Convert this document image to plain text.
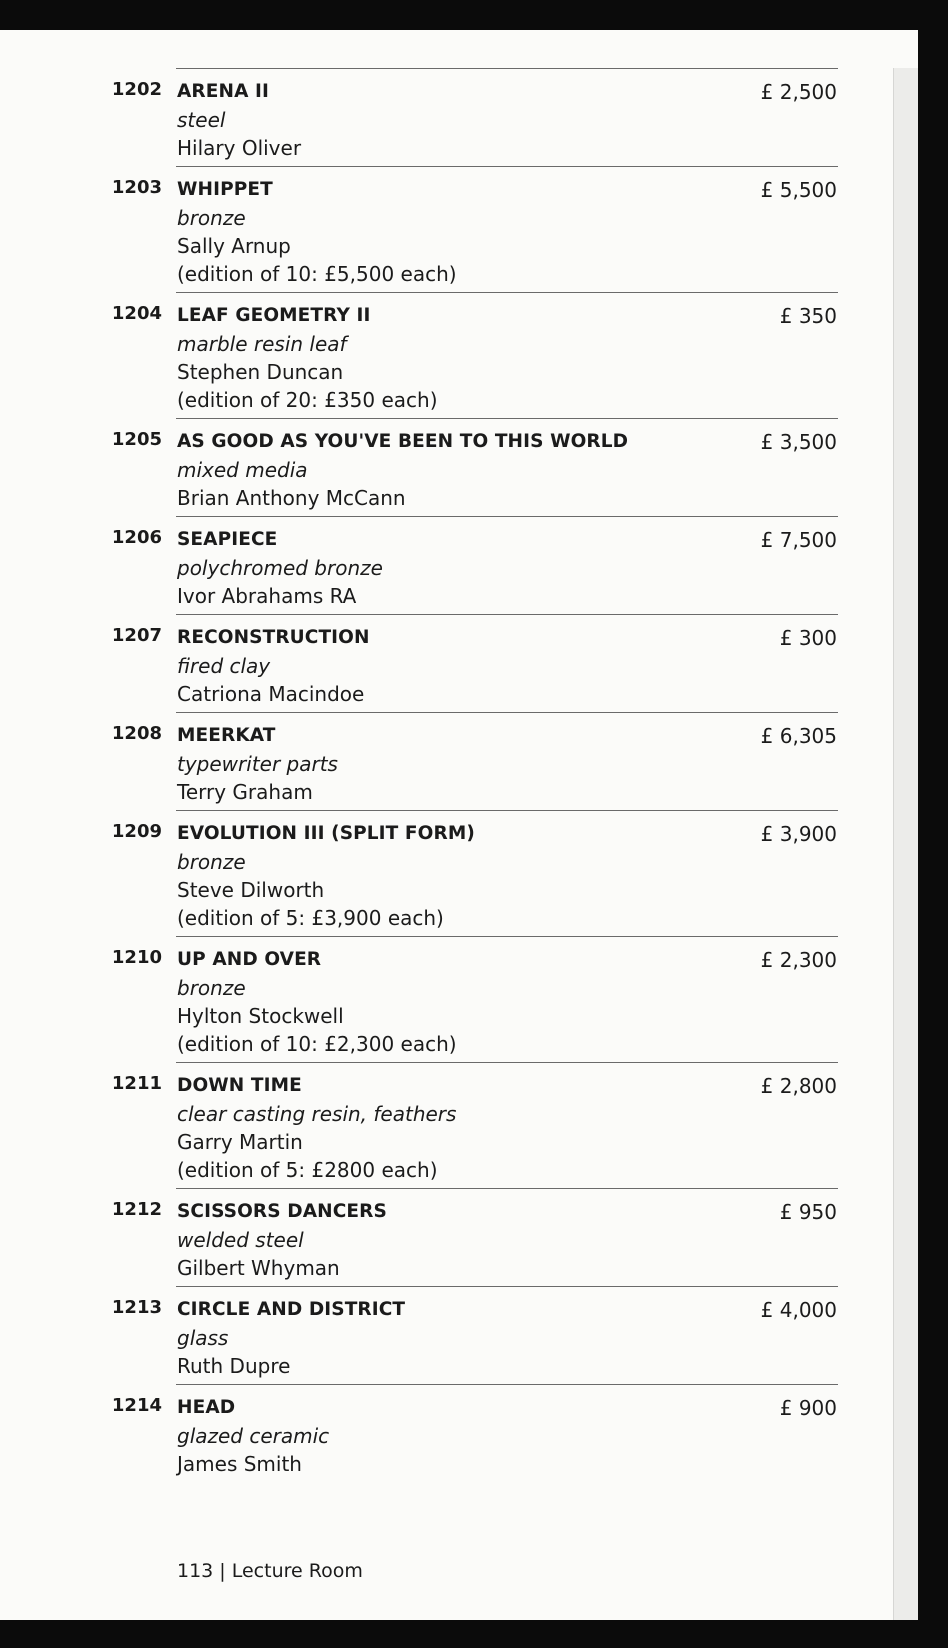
1202 ARENA II
steel
Hilary Oliver
£ 2,500
1203 WHIPPET
bronze
Sally Arnup
(edition of 10: £5,500 each)
£ 5,500
1204 LEAF GEOMETRY II
marble resin leaf
Stephen Duncan
(edition of 20: £350 each)
£ 350
1205 AS GOOD AS YOU'VE BEEN TO THIS WORLD
mixed media
Brian Anthony McCann
£ 3,500
1206 SEAPIECE
polychromed bronze
Ivor Abrahams RA
£ 7,500
1207 RECONSTRUCTION
fired clay
Catriona Macindoe
£ 300
1208 MEERKAT
typewriter parts
Terry Graham
£ 6,305
1209 EVOLUTION III (SPLIT FORM)
bronze
Steve Dilworth
(edition of 5: £3,900 each)
£ 3,900
1210 UP AND OVER
bronze
Hylton Stockwell
(edition of 10: £2,300 each)
£ 2,300
1211 DOWN TIME
clear casting resin, feathers
Garry Martin
(edition of 5: £2800 each)
£ 2,800
1212 SCISSORS DANCERS
welded steel
Gilbert Whyman
£ 950
1213 CIRCLE AND DISTRICT
glass
Ruth Dupre
£ 4,000
1214 HEAD
glazed ceramic
James Smith
£ 900
113 | Lecture Room
